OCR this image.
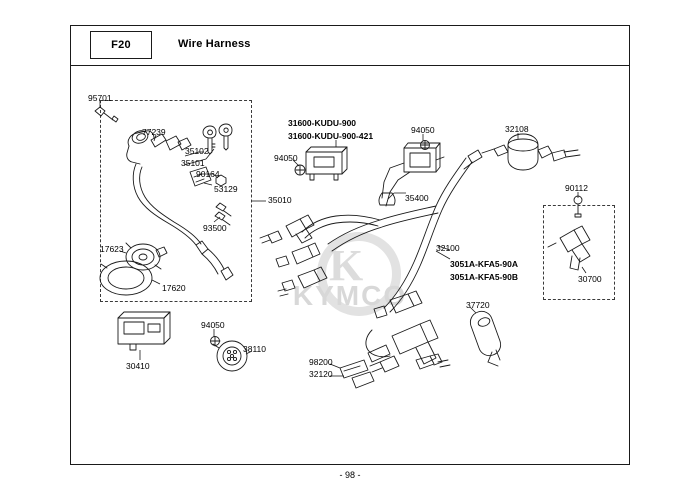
F20	Wire Harness
K
KYMCO
95701
77239
35102
35101
90164
53129
93500
17623
17620
35010
31600-KUDU-900
31600-KUDU-900-421
94050
94050
35400
32108
90112
30700
32100
3051A-KFA5-90A
3051A-KFA5-90B
37720
94050
38110
30410	98200
32120
- 98 -
